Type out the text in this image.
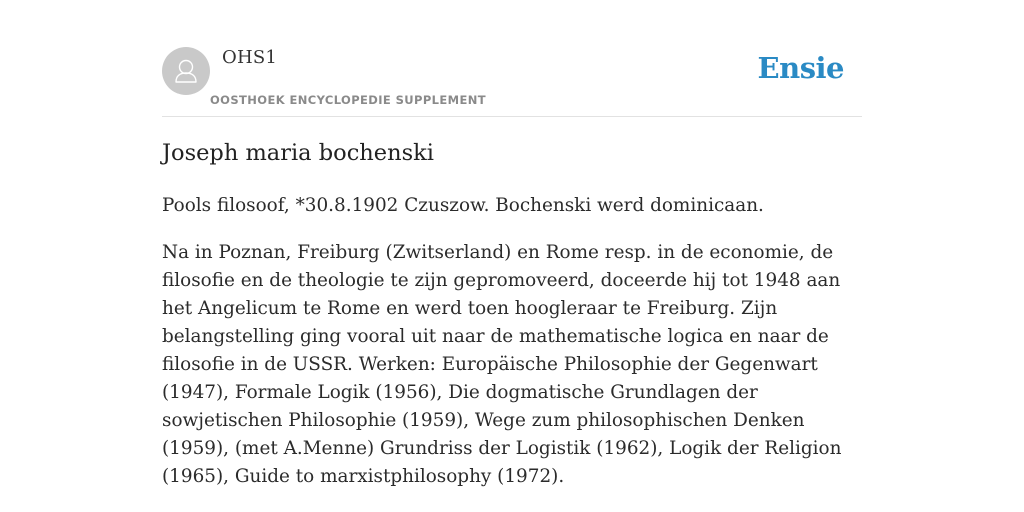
OHS1
OOSTHOEK ENCYCLOPEDIE SUPPLEMENT
Ensie
Joseph maria bochenski

Pools filosoof, *30.8.1902 Czuszow. Bochenski werd dominicaan.

Na in Poznan, Freiburg (Zwitserland) en Rome resp. in de economie, de filosofie en de theologie te zijn gepromoveerd, doceerde hij tot 1948 aan het Angelicum te Rome en werd toen hoogleraar te Freiburg. Zijn belangstelling ging vooral uit naar de mathematische logica en naar de filosofie in de USSR. Werken: Europäische Philosophie der Gegenwart (1947), Formale Logik (1956), Die dogmatische Grundlagen der sowjetischen Philosophie (1959), Wege zum philosophischen Denken (1959), (met A.Menne) Grundriss der Logistik (1962), Logik der Religion (1965), Guide to marxistphilosophy (1972).
